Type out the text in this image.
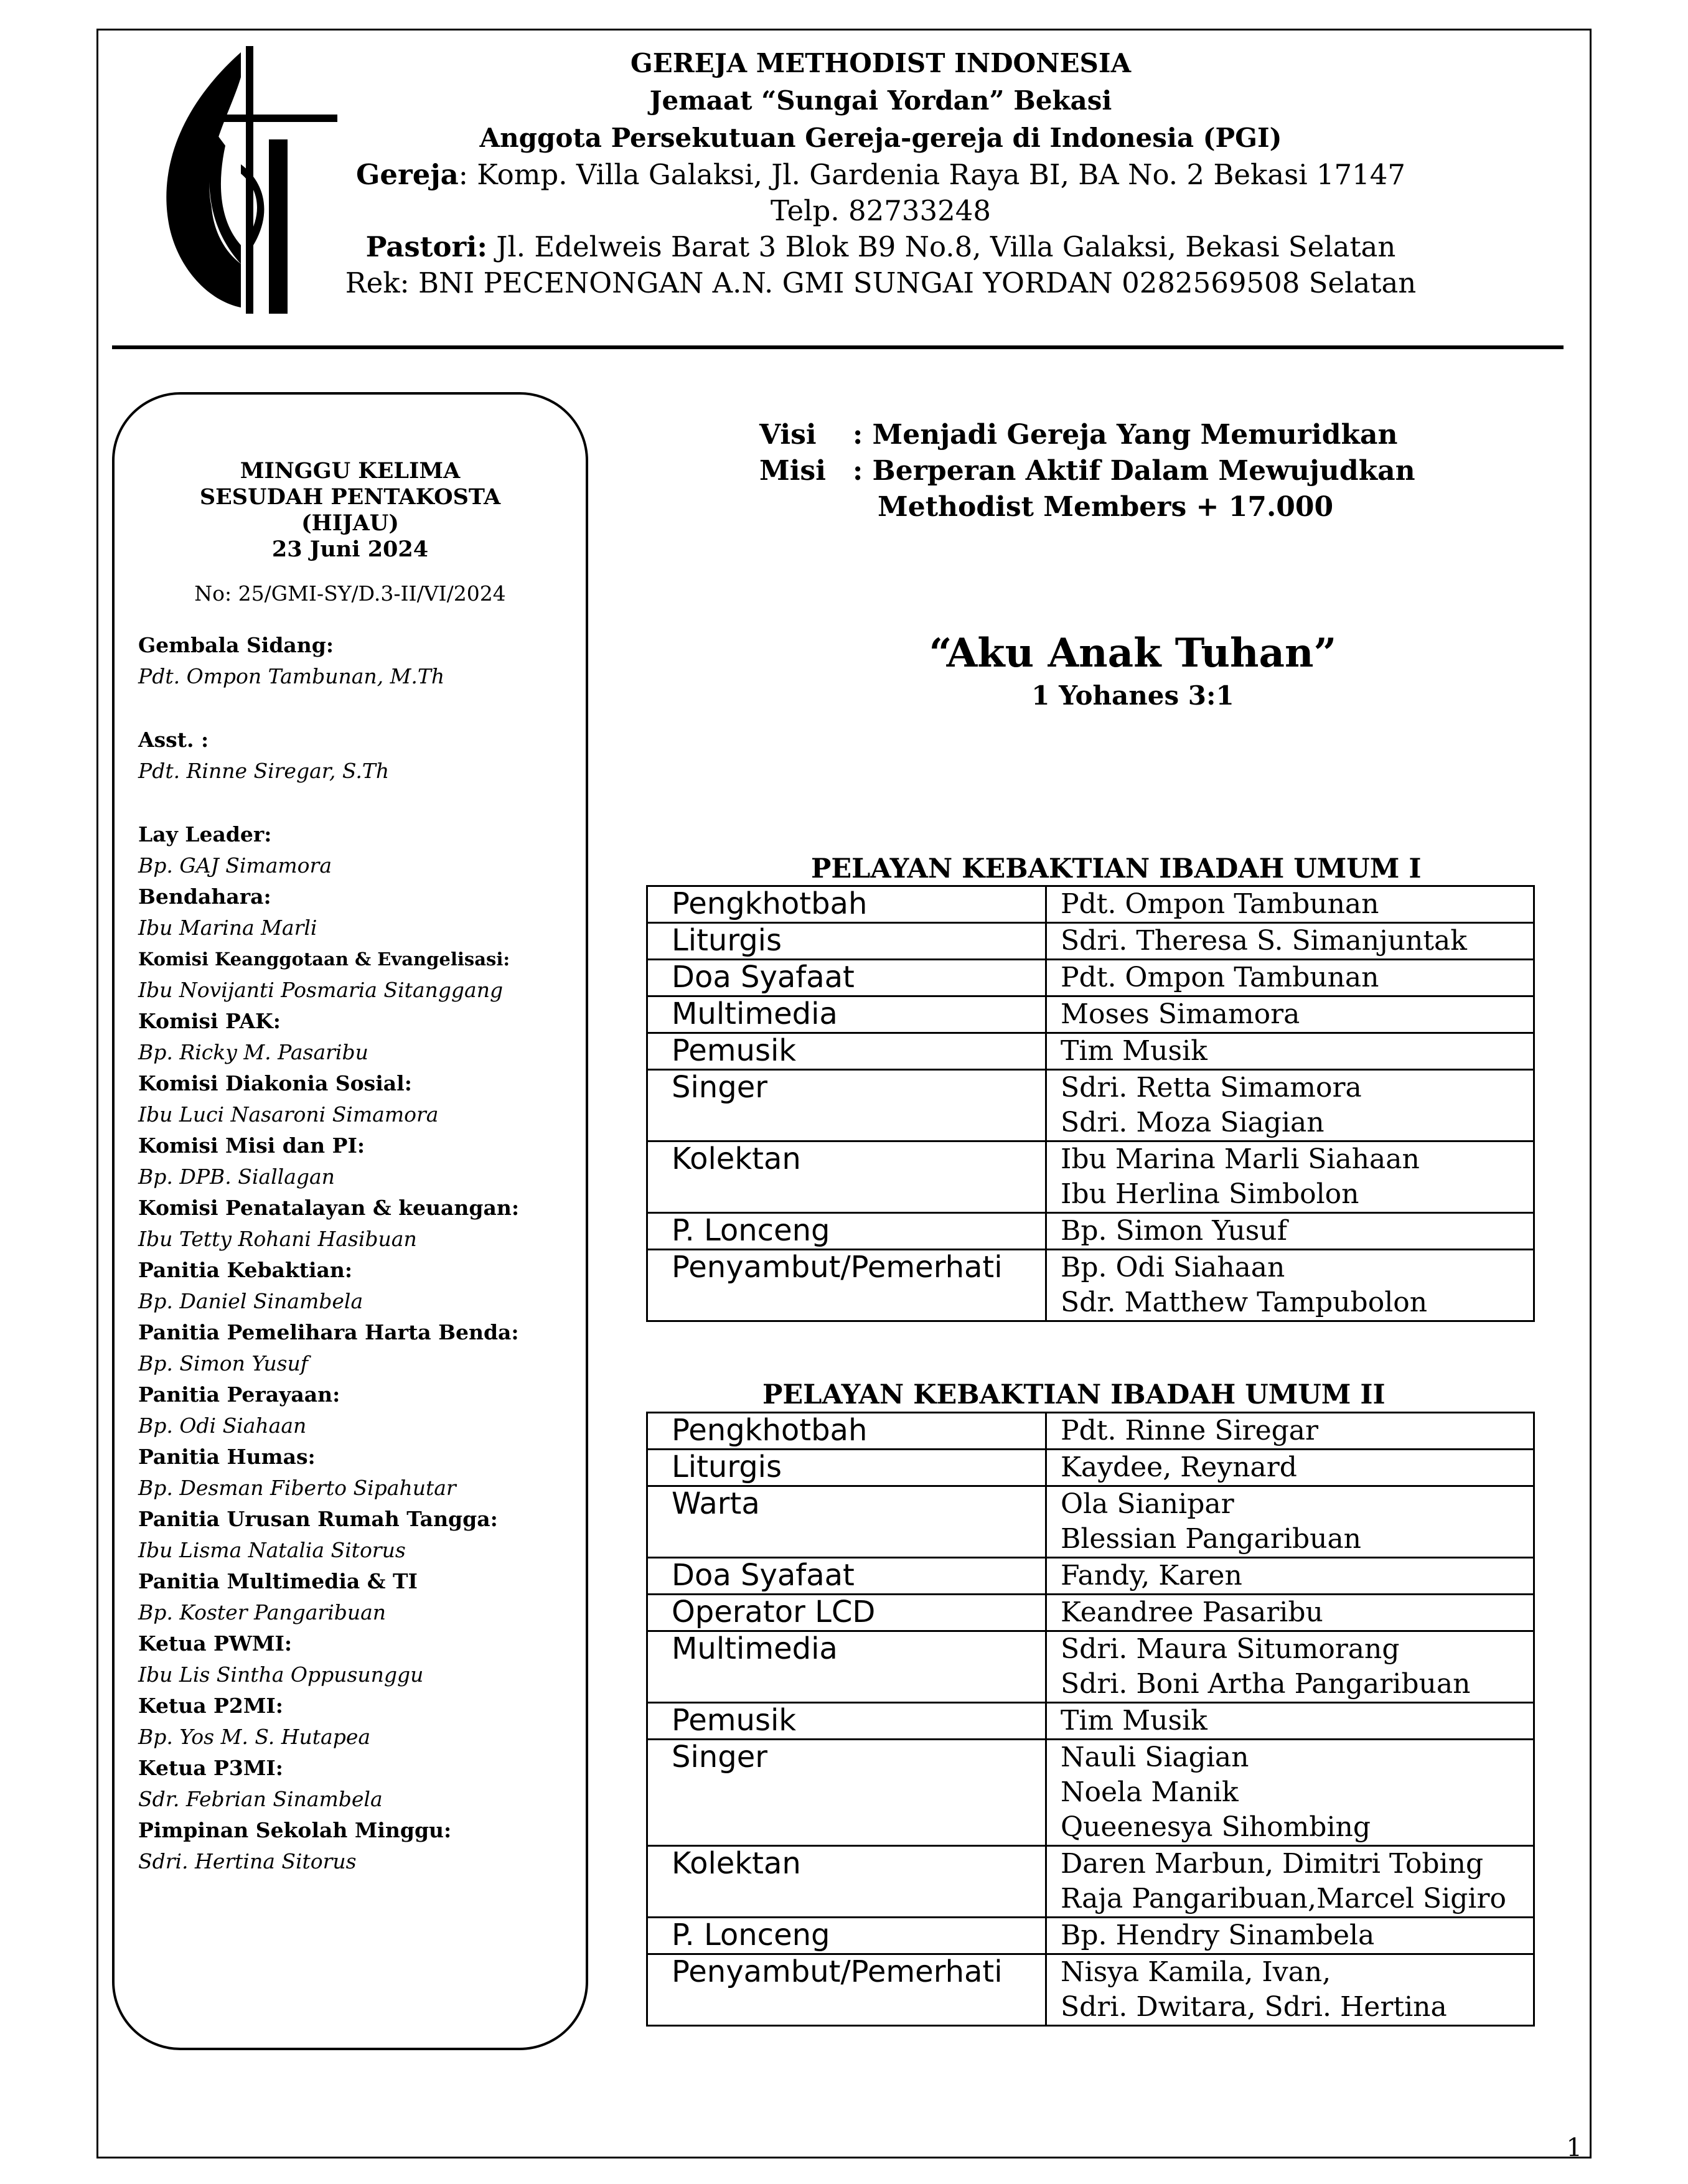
GEREJA METHODIST INDONESIA
Jemaat “Sungai Yordan” Bekasi
Anggota Persekutuan Gereja-gereja di Indonesia (PGI)
Gereja: Komp. Villa Galaksi, Jl. Gardenia Raya BI, BA No. 2 Bekasi 17147
Telp. 82733248
Pastori: Jl. Edelweis Barat 3 Blok B9 No.8, Villa Galaksi, Bekasi Selatan
Rek: BNI PECENONGAN A.N. GMI SUNGAI YORDAN 0282569508 Selatan
MINGGU KELIMA
SESUDAH PENTAKOSTA
(HIJAU)
23 Juni 2024
No: 25/GMI-SY/D.3-II/VI/2024
Gembala Sidang:
Pdt. Ompon Tambunan, M.Th
Asst. :
Pdt. Rinne Siregar, S.Th
Lay Leader:
Bp. GAJ Simamora
Bendahara:
Ibu Marina Marli
Komisi Keanggotaan & Evangelisasi:
Ibu Novijanti Posmaria Sitanggang
Komisi PAK:
Bp. Ricky M. Pasaribu
Komisi Diakonia Sosial:
Ibu Luci Nasaroni Simamora
Komisi Misi dan PI:
Bp. DPB. Siallagan
Komisi Penatalayan & keuangan:
Ibu Tetty Rohani Hasibuan
Panitia Kebaktian:
Bp. Daniel Sinambela
Panitia Pemelihara Harta Benda:
Bp. Simon Yusuf
Panitia Perayaan:
Bp. Odi Siahaan
Panitia Humas:
Bp. Desman Fiberto Sipahutar
Panitia Urusan Rumah Tangga:
Ibu Lisma Natalia Sitorus
Panitia Multimedia & TI
Bp. Koster Pangaribuan
Ketua PWMI:
Ibu Lis Sintha Oppusunggu
Ketua P2MI:
Bp. Yos M. S. Hutapea
Ketua P3MI:
Sdr. Febrian Sinambela
Pimpinan Sekolah Minggu:
Sdri. Hertina Sitorus
Visi	: Menjadi Gereja Yang Memuridkan
Misi : Berperan Aktif Dalam Mewujudkan
Methodist Members + 17.000
“Aku Anak Tuhan”
1 Yohanes 3:1
PELAYAN KEBAKTIAN IBADAH UMUM I
Pengkhotbah	Pdt. Ompon Tambunan

Liturgis	Sdri. Theresa S. Simanjuntak

Doa Syafaat	Pdt. Ompon Tambunan

Multimedia	Moses Simamora

Pemusik	Tim Musik

Singer	Sdri. Retta Simamora
Sdri. Moza Siagian

Kolektan	Ibu Marina Marli Siahaan
Ibu Herlina Simbolon

P. Lonceng	Bp. Simon Yusuf

Penyambut/Pemerhati	Bp. Odi Siahaan
Sdr. Matthew Tampubolon
PELAYAN KEBAKTIAN IBADAH UMUM II
Pengkhotbah	Pdt. Rinne Siregar

Liturgis	Kaydee, Reynard

Warta	Ola Sianipar
Blessian Pangaribuan

Doa Syafaat	Fandy, Karen

Operator LCD	Keandree Pasaribu

Multimedia	Sdri. Maura Situmorang
Sdri. Boni Artha Pangaribuan

Pemusik	Tim Musik

Singer	Nauli Siagian
Noela Manik
Queenesya Sihombing

Kolektan	Daren Marbun, Dimitri Tobing
Raja Pangaribuan,Marcel Sigiro

P. Lonceng	Bp. Hendry Sinambela

Penyambut/Pemerhati	Nisya Kamila, Ivan,
Sdri. Dwitara, Sdri. Hertina
1
